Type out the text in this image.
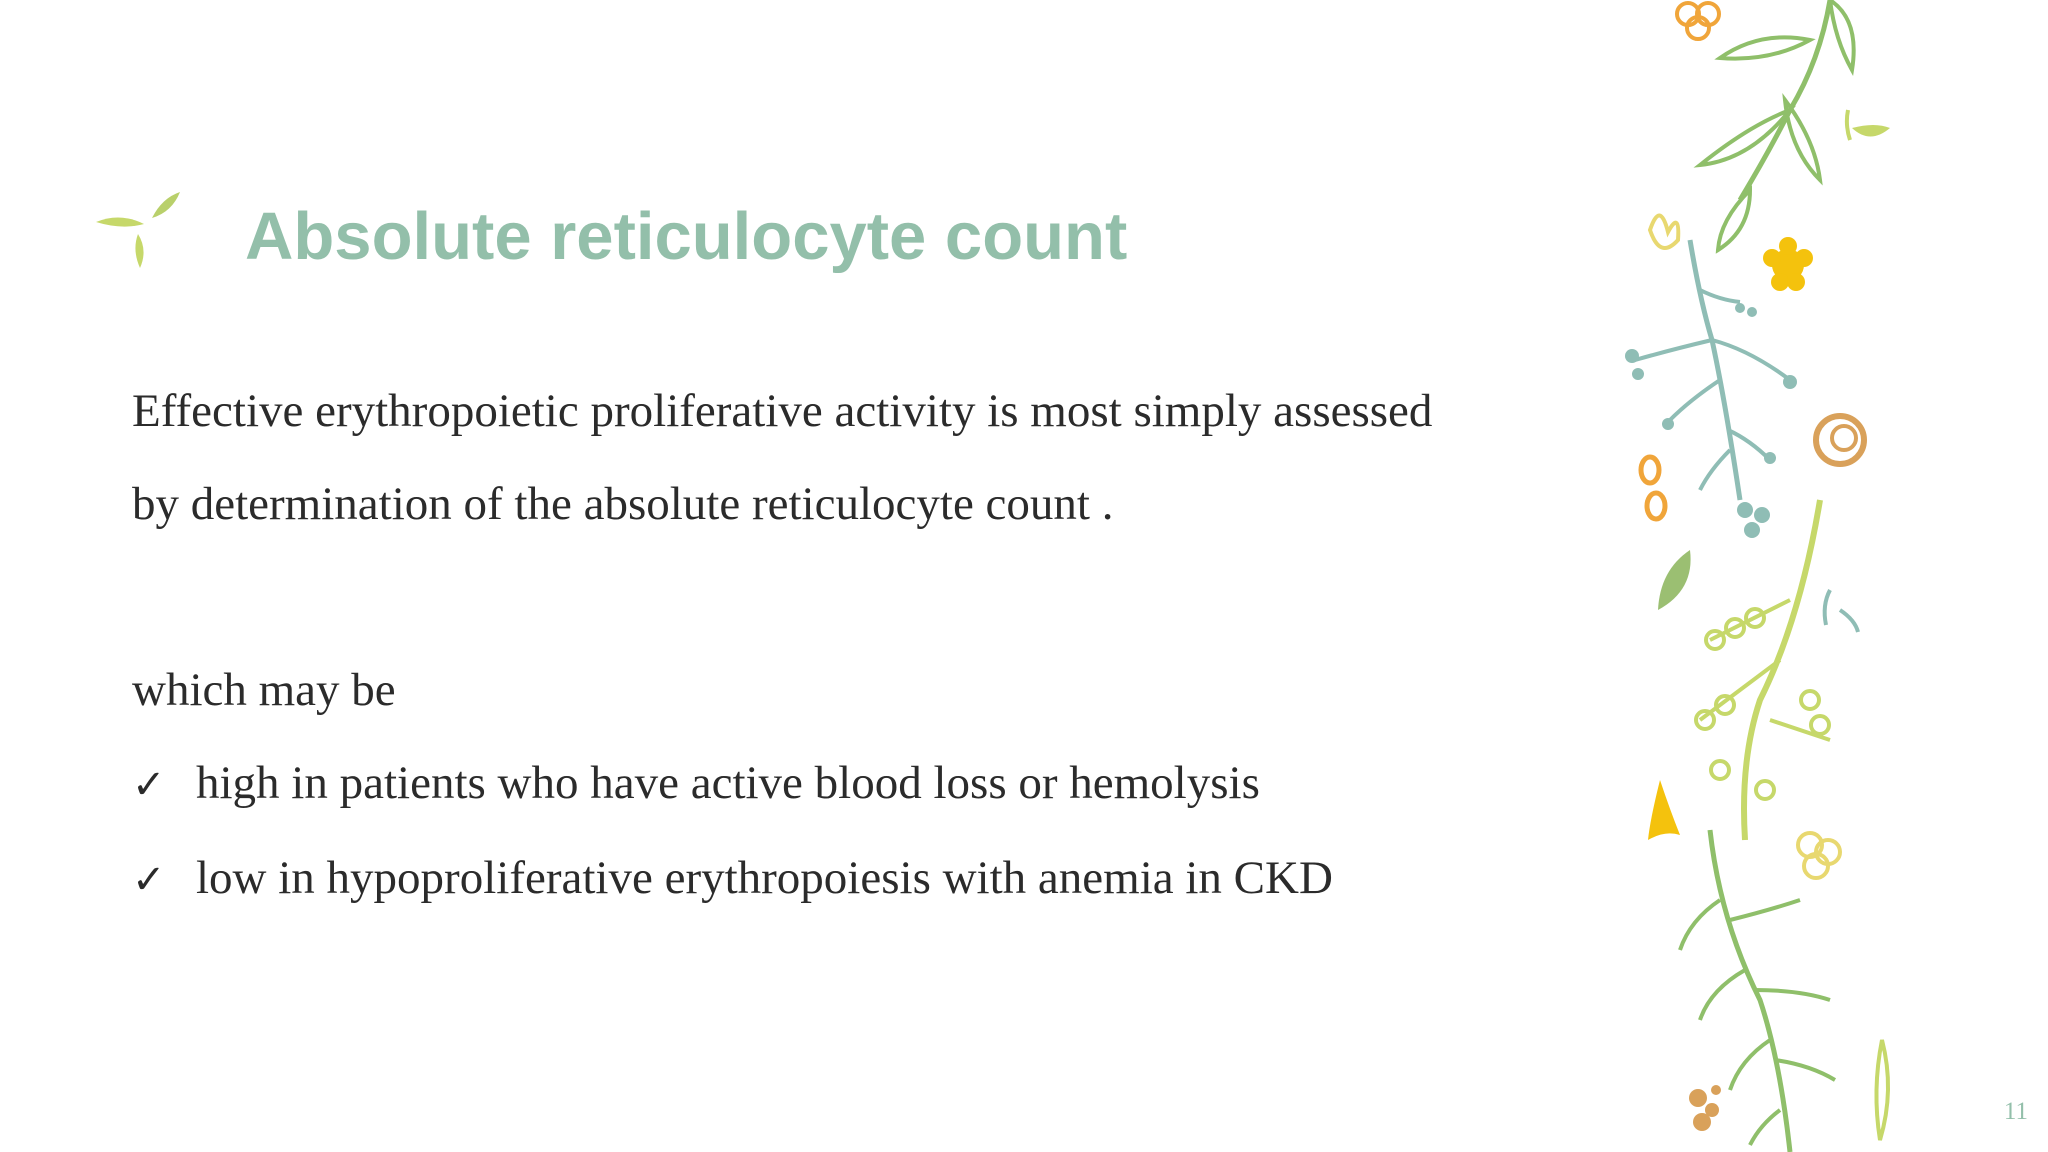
Absolute reticulocyte count
Effective erythropoietic proliferative activity is most simply assessed
by determination of the absolute reticulocyte count .
which may be
✓ high in patients who have active blood loss or hemolysis
✓ low in hypoproliferative erythropoiesis with anemia in CKD
11
